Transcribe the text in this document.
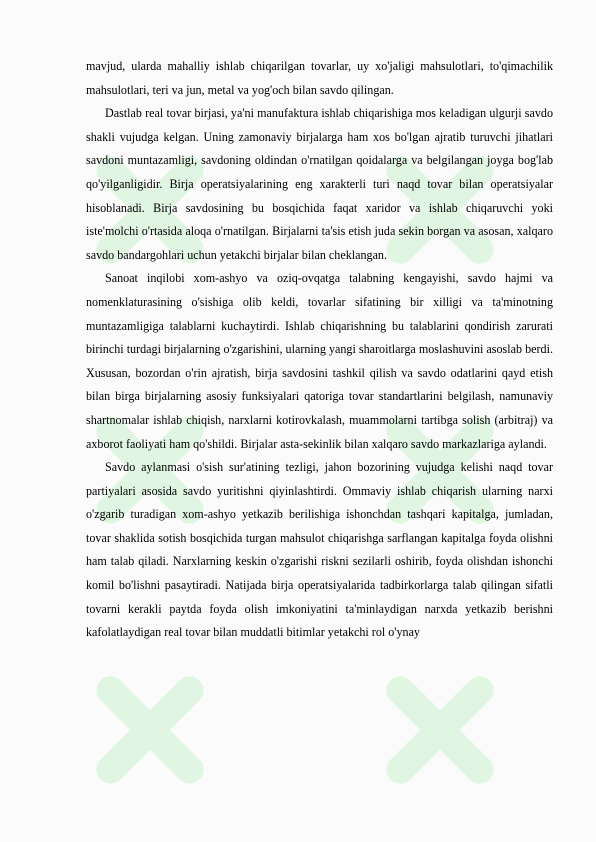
mavjud, ularda mahalliy ishlab chiqarilgan tovarlar, uy xo'jaligi mahsulotlari, to'qimachilik mahsulotlari, teri va jun, metal va yog'och bilan savdo qilingan.

Dastlab real tovar birjasi, ya'ni manufaktura ishlab chiqarishiga mos keladigan ulgurji savdo shakli vujudga kelgan. Uning zamonaviy birjalarga ham xos bo'lgan ajratib turuvchi jihatlari savdoni muntazamligi, savdoning oldindan o'rnatilgan qoidalarga va belgilangan joyga bog'lab qo'yilganligidir. Birja operatsiyalarining eng xarakterli turi naqd tovar bilan operatsiyalar hisoblanadi. Birja savdosining bu bosqichida faqat xaridor va ishlab chiqaruvchi yoki iste'molchi o'rtasida aloqa o'rnatilgan. Birjalarni ta'sis etish juda sekin borgan va asosan, xalqaro savdo bandargohlari uchun yetakchi birjalar bilan cheklangan.

Sanoat inqilobi xom-ashyo va oziq-ovqatga talabning kengayishi, savdo hajmi va nomenklaturasining o'sishiga olib keldi, tovarlar sifatining bir xilligi va ta'minotning muntazamligiga talablarni kuchaytirdi. Ishlab chiqarishning bu talablarini qondirish zarurati birinchi turdagi birjalarning o'zgarishini, ularning yangi sharoitlarga moslashuvini asoslab berdi. Xususan, bozordan o'rin ajratish, birja savdosini tashkil qilish va savdo odatlarini qayd etish bilan birga birjalarning asosiy funksiyalari qatoriga tovar standartlarini belgilash, namunaviy shartnomalar ishlab chiqish, narxlarni kotirovkalash, muammolarni tartibga solish (arbitraj) va axborot faoliyati ham qo'shildi. Birjalar asta-sekinlik bilan xalqaro savdo markazlariga aylandi.

Savdo aylanmasi o'sish sur'atining tezligi, jahon bozorining vujudga kelishi naqd tovar partiyalari asosida savdo yuritishni qiyinlashtirdi. Ommaviy ishlab chiqarish ularning narxi o'zgarib turadigan xom-ashyo yetkazib berilishiga ishonchdan tashqari kapitalga, jumladan, tovar shaklida sotish bosqichida turgan mahsulot chiqarishga sarflangan kapitalga foyda olishni ham talab qiladi. Narxlarning keskin o'zgarishi riskni sezilarli oshirib, foyda olishdan ishonchi komil bo'lishni pasaytiradi. Natijada birja operatsiyalarida tadbirkorlarga talab qilingan sifatli tovarni kerakli paytda foyda olish imkoniyatini ta'minlaydigan narxda yetkazib berishni kafolatlaydigan real tovar bilan muddatli bitimlar yetakchi rol o'ynay
